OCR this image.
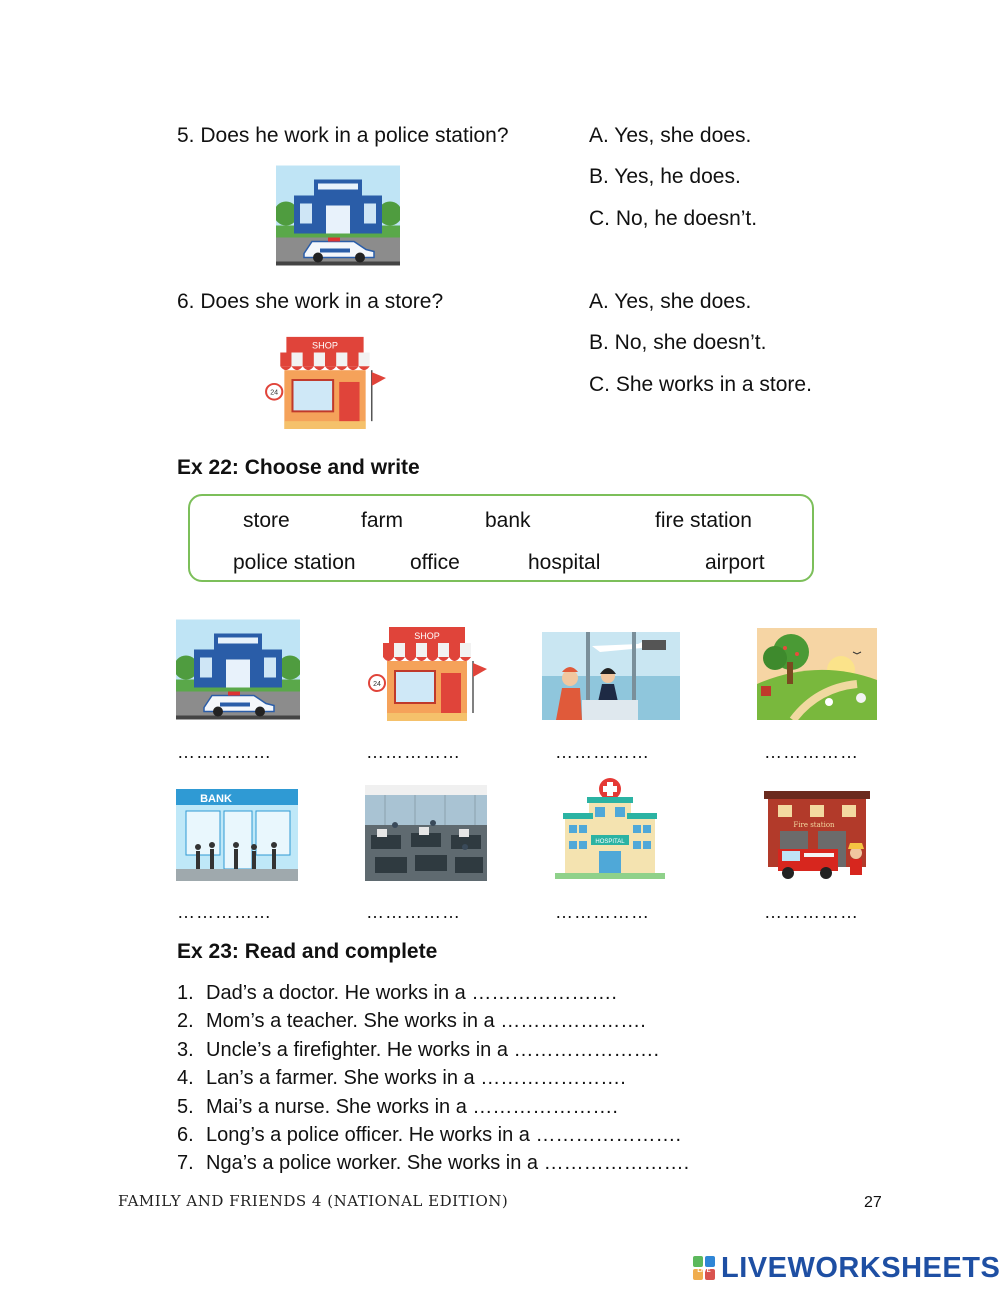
5. Does he work in a police station?	A. Yes, she does.
B. Yes, he does.
C. No, he doesn’t.
6. Does she work in a store?
SHOP
24
A. Yes, she does.
B. No, she doesn’t.
C. She works in a store.
Ex 22: Choose and write
store	farm	bank	fire station
police station	office	hospital	airport
SHOP
24
……………	……………	……………	……………
BANK
HOSPITAL
Fire station
……………	……………	……………	……………
Ex 23: Read and complete
1. Dad’s a doctor. He works in a ………………….
2. Mom’s a teacher. She works in a ………………….
3. Uncle’s a firefighter. He works in a ………………….
4. Lan’s a farmer. She works in a ………………….
5. Mai’s a nurse. She works in a ………………….
6. Long’s a police officer. He works in a ………………….
7. Nga’s a police worker. She works in a ………………….
FAMILY AND FRIENDS 4 (NATIONAL EDITION)	27
LIVE LIVEWORKSHEETS
